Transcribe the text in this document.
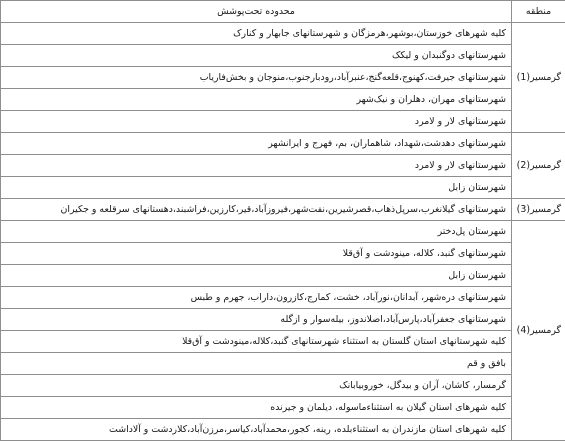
منطقه	محدوده تحت‌پوشش
گرمسیر(1)	کلیه شهرهای خوزستان،بوشهر،هرمزگان و شهرستانهای جابهار و کنارک
	شهرستانهای دوگنبدان و لیکک
	شهرستانهای جیرفت،کهنوج،قلعه‌گنج،عنبرآباد،رودبارجنوب،منوجان و بخش‌فاریاب
	شهرستانهای مهران، دهلران و نیک‌شهر
	شهرستانهای لار و لامرد
گرمسیر(2)	شهرستانهای دهدشت،شهداد، شاهماران، بم، فهرج و ایرانشهر
	شهرستانهای لار و لامرد
	شهرستان زابل
گرمسیر(3)	شهرستانهای گیلانغرب،سرپل‌ذهاب،قصرشیرین،نفت‌شهر،فیروزآباد،قیر،کارزین،فراشبند،دهستانهای سرقلعه و جکیران
گرمسیر(4)	شهرستان پل‌دختر
	شهرستانهای گنبد، کلاله، مینودشت و آق‌قلا
	شهرستان زابل
	شهرستانهای دره‌شهر، آبدانان،نورآباد، خشت، کمارج،کازرون،داراب، جهرم و طبس
	شهرستانهای جعفرآباد،پارس‌آباد،اصلاندوز، بیله‌سوار و ازگله
	کلیه شهرستانهای استان گلستان به استثناء شهرستانهای گنبد،کلاله،مینودشت و آق‌قلا
	بافق و قم
	گرمسار، کاشان، آران و بیدگل، خوروبیابانک
	کلیه شهرهای استان گیلان به استثناءماسوله، دیلمان و جیرنده
	کلیه شهرهای استان مازندران به استثناءبلده، رینه، کجور،محمدآباد،کیاسر،مرزن‌آباد،کلاردشت و آلاداشت
